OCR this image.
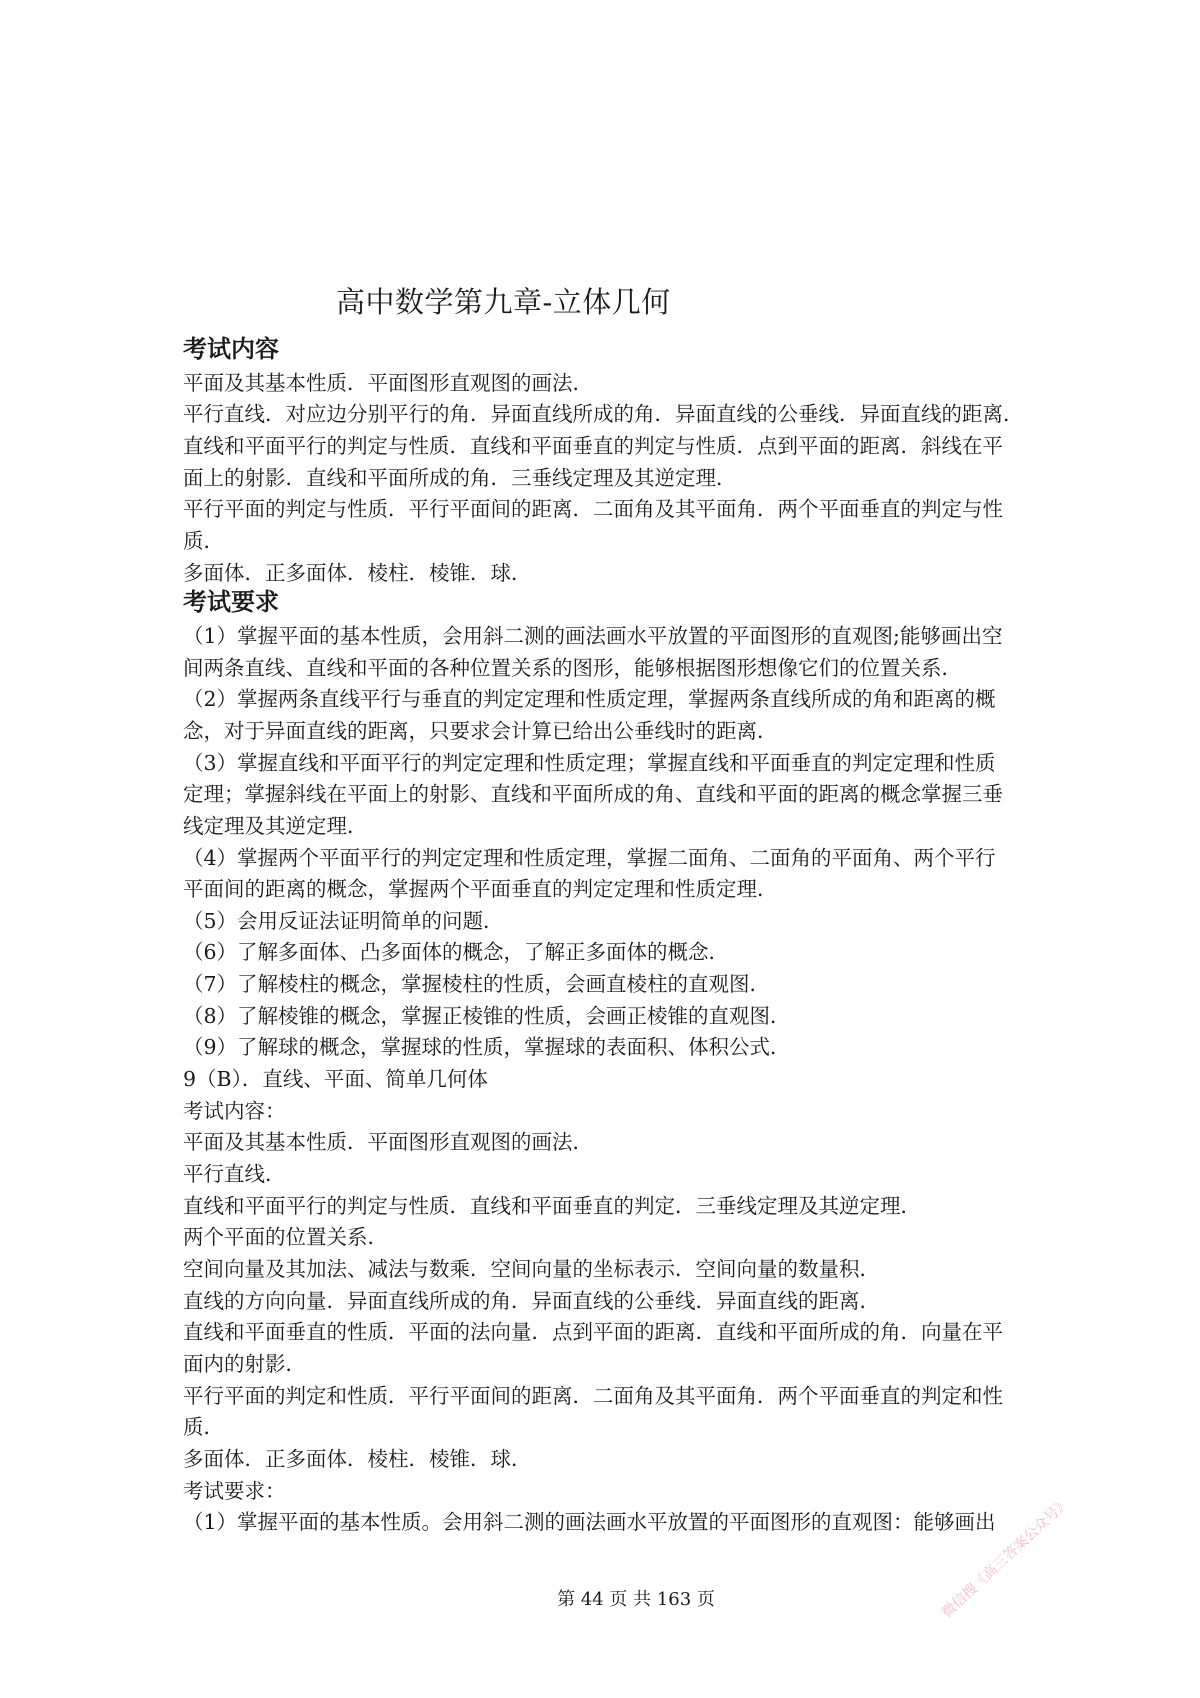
高中数学第九章-立体几何
考试内容
平面及其基本性质．平面图形直观图的画法．
平行直线．对应边分别平行的角．异面直线所成的角．异面直线的公垂线．异面直线的距离．
直线和平面平行的判定与性质．直线和平面垂直的判定与性质．点到平面的距离．斜线在平
面上的射影．直线和平面所成的角．三垂线定理及其逆定理．
平行平面的判定与性质．平行平面间的距离．二面角及其平面角．两个平面垂直的判定与性
质．
多面体．正多面体．棱柱．棱锥．球．
考试要求
（1）掌握平面的基本性质，会用斜二测的画法画水平放置的平面图形的直观图;能够画出空
间两条直线、直线和平面的各种位置关系的图形，能够根据图形想像它们的位置关系．
（2）掌握两条直线平行与垂直的判定定理和性质定理，掌握两条直线所成的角和距离的概
念，对于异面直线的距离，只要求会计算已给出公垂线时的距离．
（3）掌握直线和平面平行的判定定理和性质定理；掌握直线和平面垂直的判定定理和性质
定理；掌握斜线在平面上的射影、直线和平面所成的角、直线和平面的距离的概念掌握三垂
线定理及其逆定理．
（4）掌握两个平面平行的判定定理和性质定理，掌握二面角、二面角的平面角、两个平行
平面间的距离的概念，掌握两个平面垂直的判定定理和性质定理．
（5）会用反证法证明简单的问题．
（6）了解多面体、凸多面体的概念，了解正多面体的概念．
（7）了解棱柱的概念，掌握棱柱的性质，会画直棱柱的直观图．
（8）了解棱锥的概念，掌握正棱锥的性质，会画正棱锥的直观图．
（9）了解球的概念，掌握球的性质，掌握球的表面积、体积公式．
9（B）．直线、平面、简单几何体
考试内容：
平面及其基本性质．平面图形直观图的画法．
平行直线．
直线和平面平行的判定与性质．直线和平面垂直的判定．三垂线定理及其逆定理．
两个平面的位置关系．
空间向量及其加法、减法与数乘．空间向量的坐标表示．空间向量的数量积．
直线的方向向量．异面直线所成的角．异面直线的公垂线．异面直线的距离．
直线和平面垂直的性质．平面的法向量．点到平面的距离．直线和平面所成的角．向量在平
面内的射影．
平行平面的判定和性质．平行平面间的距离．二面角及其平面角．两个平面垂直的判定和性
质．
多面体．正多面体．棱柱．棱锥．球．
考试要求：
（1）掌握平面的基本性质。会用斜二测的画法画水平放置的平面图形的直观图：能够画出
第 44 页 共 163 页	微信搜《高三答案公众号》
